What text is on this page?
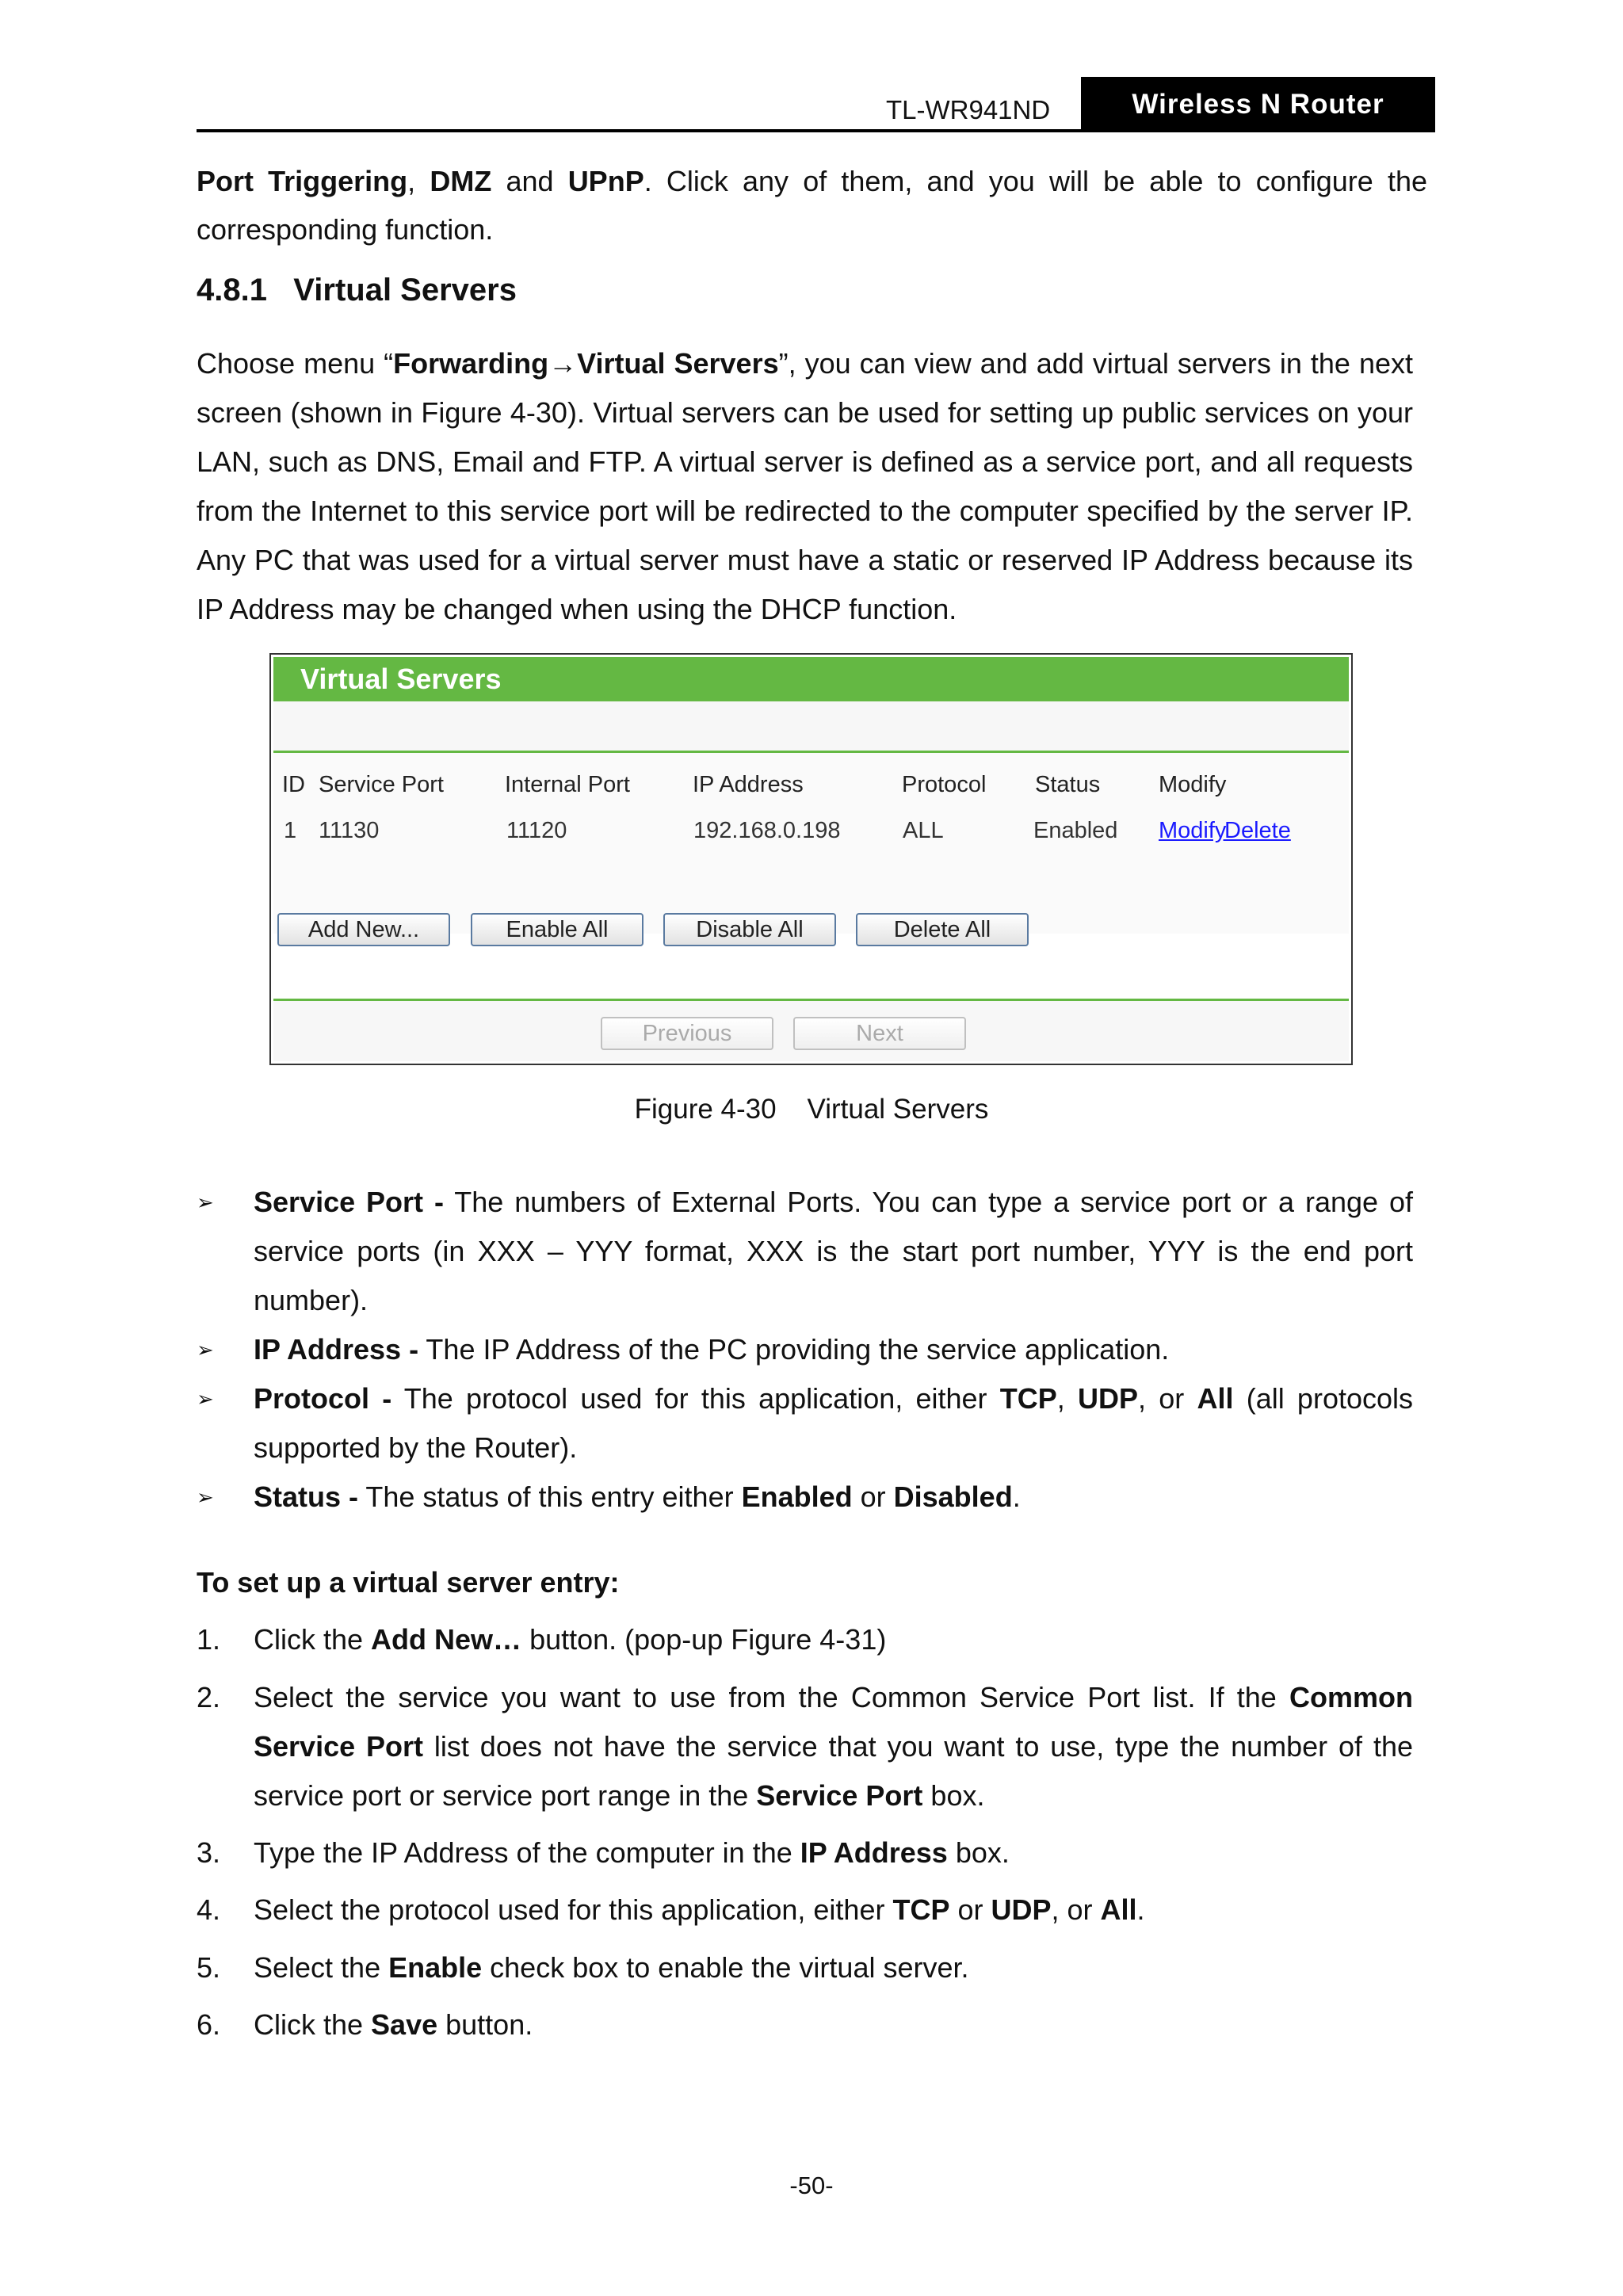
TL-WR941ND	Wireless N Router
Port Triggering, DMZ and UPnP. Click any of them, and you will be able to configure the
corresponding function.
4.8.1   Virtual Servers
Choose menu “Forwarding→Virtual Servers”, you can view and add virtual servers in the next
screen (shown in Figure 4-30). Virtual servers can be used for setting up public services on your
LAN, such as DNS, Email and FTP. A virtual server is defined as a service port, and all requests
from the Internet to this service port will be redirected to the computer specified by the server IP.
Any PC that was used for a virtual server must have a static or reserved IP Address because its
IP Address may be changed when using the DHCP function.
Virtual Servers
ID Service Port	Internal Port	IP Address	Protocol Status	Modify
1 11130	11120	192.168.0.198	ALL	Enabled Modify
Delete
Add New...	Enable All	Disable All	Delete All
Previous	Next
Figure 4-30    Virtual Servers
➢ Service Port - The numbers of External Ports. You can type a service port or a range of
service ports (in XXX – YYY format, XXX is the start port number, YYY is the end port
number).
➢ IP Address - The IP Address of the PC providing the service application.
➢ Protocol - The protocol used for this application, either TCP, UDP, or All (all protocols
supported by the Router).
➢ Status - The status of this entry either Enabled or Disabled.
To set up a virtual server entry:
1. Click the Add New… button. (pop-up Figure 4-31)
2. Select the service you want to use from the Common Service Port list. If the Common
Service Port list does not have the service that you want to use, type the number of the
service port or service port range in the Service Port box.
3. Type the IP Address of the computer in the IP Address box.
4. Select the protocol used for this application, either TCP or UDP, or All.
5. Select the Enable check box to enable the virtual server.
6. Click the Save button.
-50-
